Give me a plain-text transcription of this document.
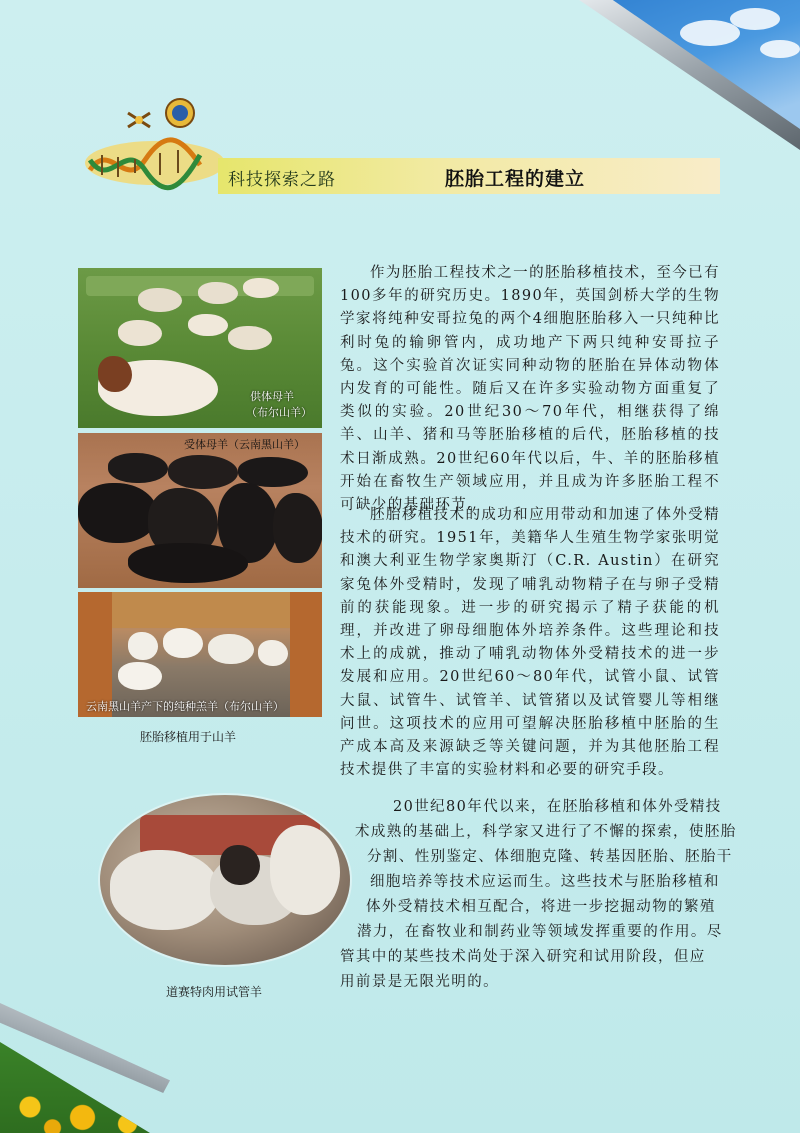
科技探索之路	胚胎工程的建立
供体母羊
（布尔山羊）
受体母羊（云南黑山羊）
云南黑山羊产下的纯种羔羊（布尔山羊）
胚胎移植用于山羊
道赛特肉用试管羊

作为胚胎工程技术之一的胚胎移植技术，至今已有100多年的研究历史。1890年，英国剑桥大学的生物学家将纯种安哥拉兔的两个4细胞胚胎移入一只纯种比利时兔的输卵管内，成功地产下两只纯种安哥拉子兔。这个实验首次证实同种动物的胚胎在异体动物体内发育的可能性。随后又在许多实验动物方面重复了类似的实验。20世纪30～70年代，相继获得了绵羊、山羊、猪和马等胚胎移植的后代，胚胎移植的技术日渐成熟。20世纪60年代以后，牛、羊的胚胎移植开始在畜牧生产领域应用，并且成为许多胚胎工程不可缺少的基础环节。

胚胎移植技术的成功和应用带动和加速了体外受精技术的研究。1951年，美籍华人生殖生物学家张明觉和澳大利亚生物学家奥斯汀（C.R. Austin）在研究家兔体外受精时，发现了哺乳动物精子在与卵子受精前的获能现象。进一步的研究揭示了精子获能的机理，并改进了卵母细胞体外培养条件。这些理论和技术上的成就，推动了哺乳动物体外受精技术的进一步发展和应用。20世纪60～80年代，试管小鼠、试管大鼠、试管牛、试管羊、试管猪以及试管婴儿等相继问世。这项技术的应用可望解决胚胎移植中胚胎的生产成本高及来源缺乏等关键问题，并为其他胚胎工程技术提供了丰富的实验材料和必要的研究手段。

20世纪80年代以来，在胚胎移植和体外受精技
术成熟的基础上，科学家又进行了不懈的探索，使胚胎
分割、性别鉴定、体细胞克隆、转基因胚胎、胚胎干
细胞培养等技术应运而生。这些技术与胚胎移植和
体外受精技术相互配合，将进一步挖掘动物的繁殖
潜力，在畜牧业和制药业等领域发挥重要的作用。尽
管其中的某些技术尚处于深入研究和试用阶段，但应
用前景是无限光明的。
